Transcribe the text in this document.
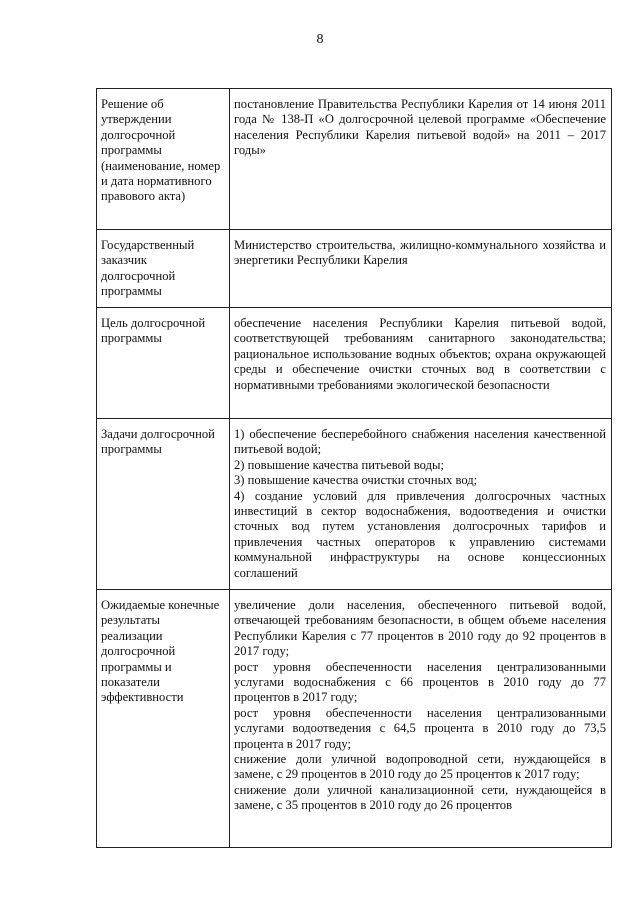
8
Решение об утверждении долгосрочной программы (наименование, номер и дата нормативного правового акта)	постановление Правительства Республики Карелия от 14 июня 2011 года № 138-П «О долгосрочной целевой программе «Обеспечение населения Республики Карелия питьевой водой» на 2011 – 2017 годы»

Государственный заказчик долгосрочной программы	Министерство строительства, жилищно-коммунального хозяйства и энергетики Республики Карелия

Цель долгосрочной программы	обеспечение населения Республики Карелия питьевой водой, соответствующей требованиям санитарного законодательства; рациональное использование водных объектов; охрана окружающей среды и обеспечение очистки сточных вод в соответствии с нормативными требованиями экологической безопасности

Задачи долгосрочной программы	1) обеспечение бесперебойного снабжения населения качественной питьевой водой;
2) повышение качества питьевой воды;
3) повышение качества очистки сточных вод;
4) создание условий для привлечения долгосрочных частных инвестиций в сектор водоснабжения, водоотведения и очистки сточных вод путем установления долгосрочных тарифов и привлечения частных операторов к управлению системами коммунальной инфраструктуры на основе концессионных соглашений

Ожидаемые конечные результаты реализации долгосрочной программы и показатели эффективности	увеличение доли населения, обеспеченного питьевой водой, отвечающей требованиям безопасности, в общем объеме населения Республики Карелия с 77 процентов в 2010 году до 92 процентов в 2017 году;
рост уровня обеспеченности населения централизованными услугами водоснабжения с 66 процентов в 2010 году до 77 процентов в 2017 году;
рост уровня обеспеченности населения централизованными услугами водоотведения с 64,5 процента в 2010 году до 73,5 процента в 2017 году;
снижение доли уличной водопроводной сети, нуждающейся в замене, с 29 процентов в 2010 году до 25 процентов к 2017 году;
снижение доли уличной канализационной сети, нуждающейся в замене, с 35 процентов в 2010 году до 26 процентов
